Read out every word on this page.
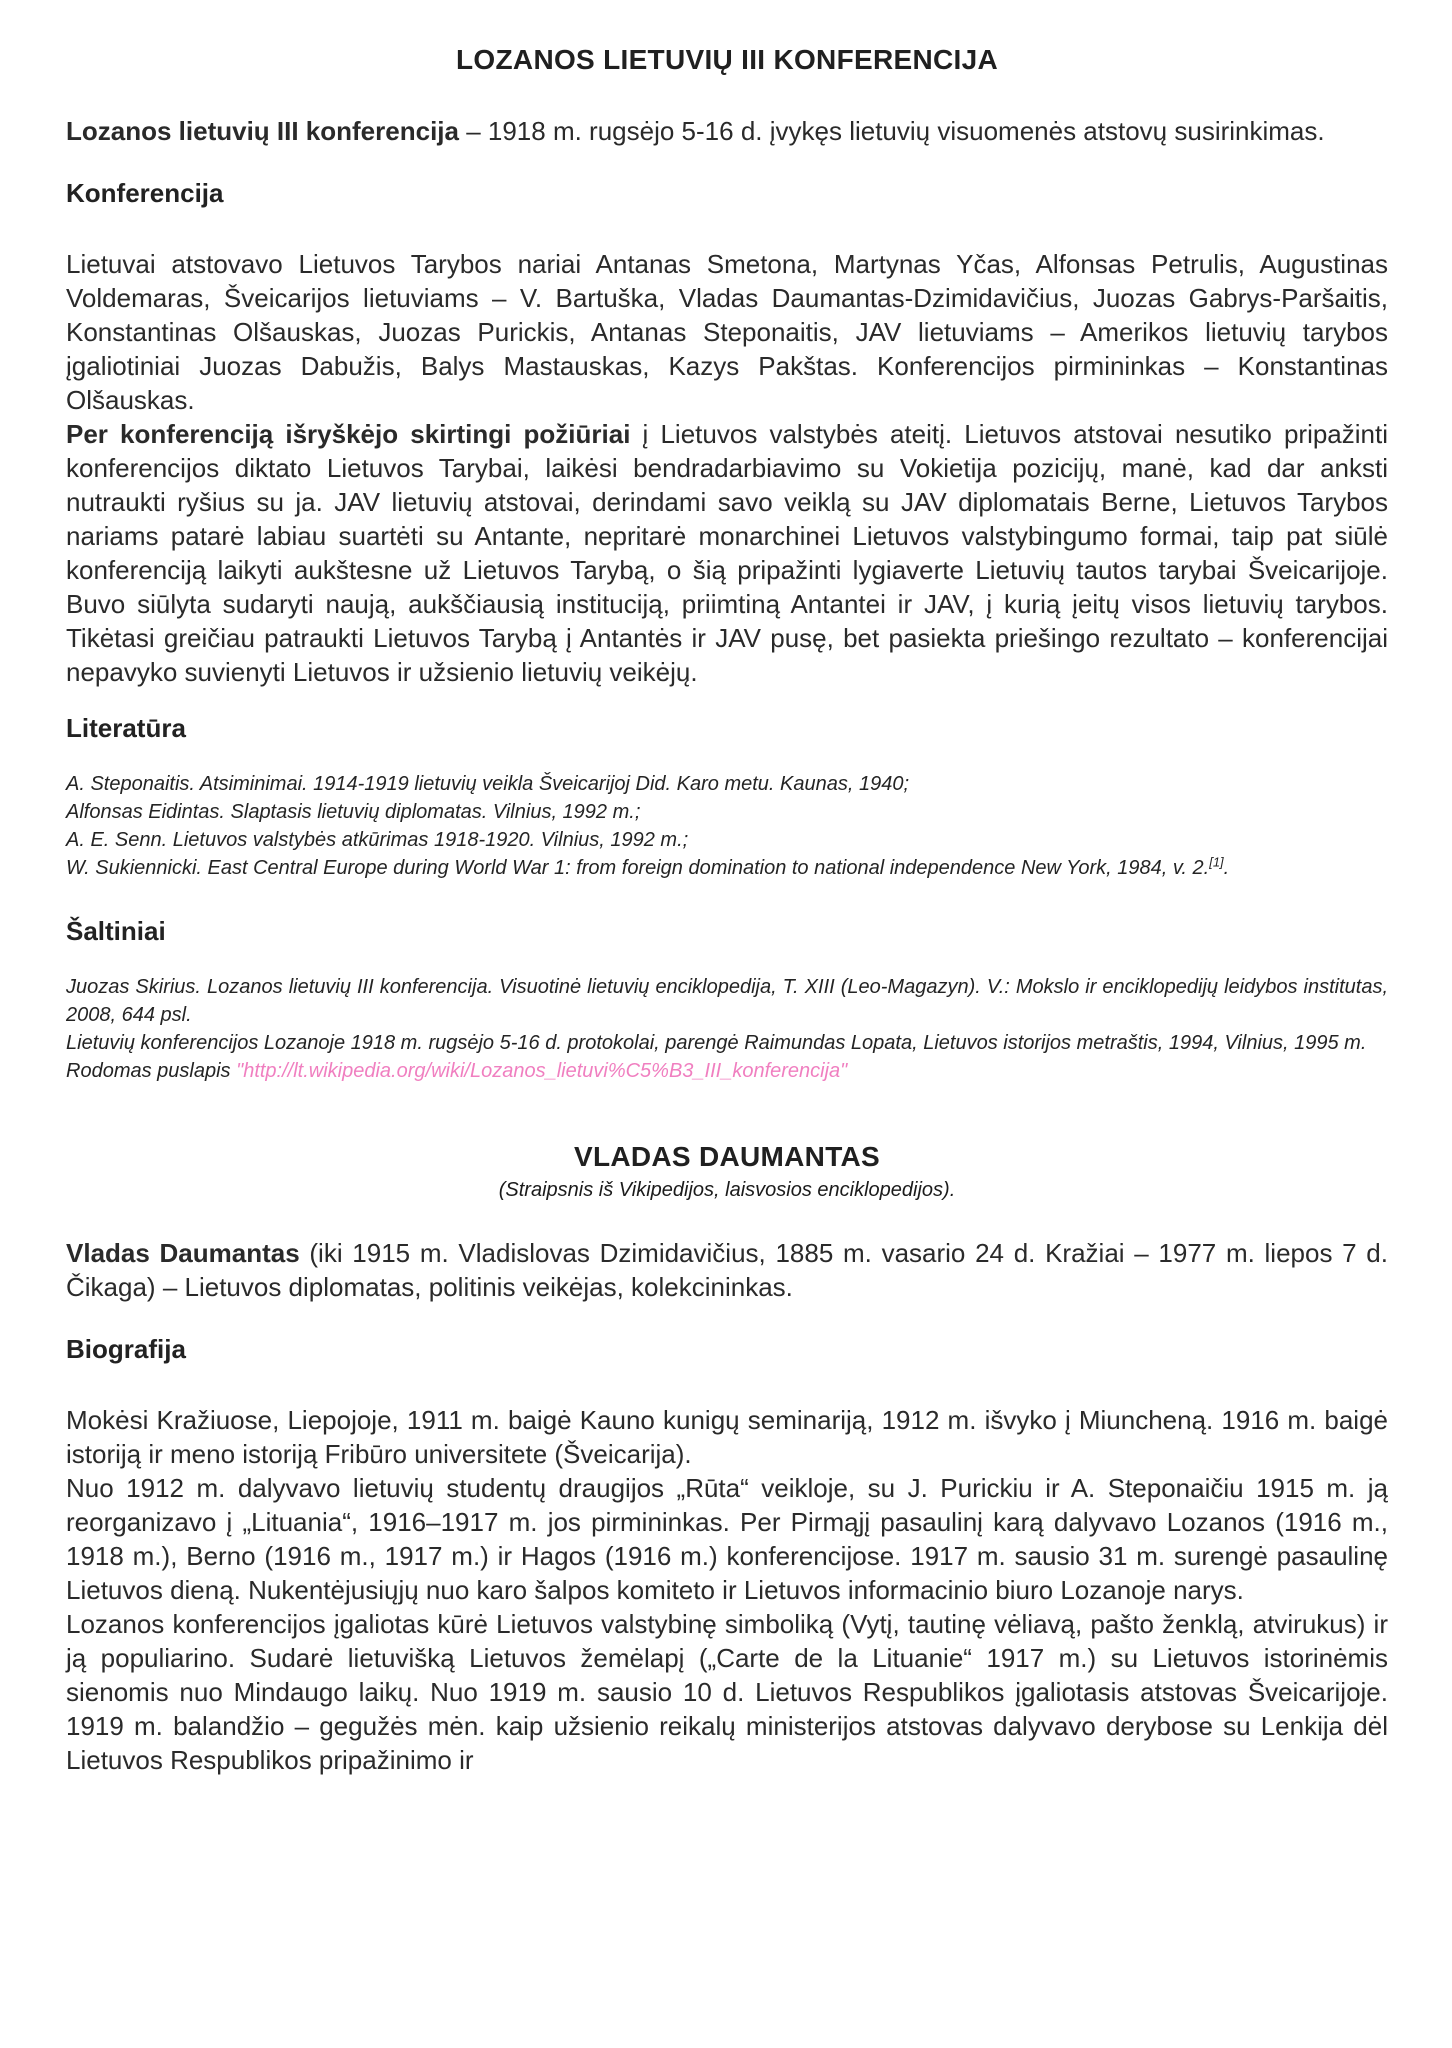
LOZANOS LIETUVIŲ III KONFERENCIJA

Lozanos lietuvių III konferencija – 1918 m. rugsėjo 5-16 d. įvykęs lietuvių visuomenės atstovų susirinkimas.

Konferencija

Lietuvai atstovavo Lietuvos Tarybos nariai Antanas Smetona, Martynas Yčas, Alfonsas Petrulis, Augustinas Voldemaras, Šveicarijos lietuviams – V. Bartuška, Vladas Daumantas-Dzimidavičius, Juozas Gabrys-Paršaitis, Konstantinas Olšauskas, Juozas Purickis, Antanas Steponaitis, JAV lietuviams – Amerikos lietuvių tarybos įgaliotiniai Juozas Dabužis, Balys Mastauskas, Kazys Pakštas. Konferencijos pirmininkas – Konstantinas Olšauskas.

Per konferenciją išryškėjo skirtingi požiūriai į Lietuvos valstybės ateitį. Lietuvos atstovai nesutiko pripažinti konferencijos diktato Lietuvos Tarybai, laikėsi bendradarbiavimo su Vokietija pozicijų, manė, kad dar anksti nutraukti ryšius su ja. JAV lietuvių atstovai, derindami savo veiklą su JAV diplomatais Berne, Lietuvos Tarybos nariams patarė labiau suartėti su Antante, nepritarė monarchinei Lietuvos valstybingumo formai, taip pat siūlė konferenciją laikyti aukštesne už Lietuvos Tarybą, o šią pripažinti lygiaverte Lietuvių tautos tarybai Šveicarijoje. Buvo siūlyta sudaryti naują, aukščiausią instituciją, priimtiną Antantei ir JAV, į kurią įeitų visos lietuvių tarybos. Tikėtasi greičiau patraukti Lietuvos Tarybą į Antantės ir JAV pusę, bet pasiekta priešingo rezultato – konferencijai nepavyko suvienyti Lietuvos ir užsienio lietuvių veikėjų.

Literatūra

A. Steponaitis. Atsiminimai. 1914-1919 lietuvių veikla Šveicarijoj Did. Karo metu. Kaunas, 1940;

Alfonsas Eidintas. Slaptasis lietuvių diplomatas. Vilnius, 1992 m.;

A. E. Senn. Lietuvos valstybės atkūrimas 1918-1920. Vilnius, 1992 m.;

W. Sukiennicki. East Central Europe during World War 1: from foreign domination to national independence New York, 1984, v. 2.[1].

Šaltiniai

Juozas Skirius. Lozanos lietuvių III konferencija. Visuotinė lietuvių enciklopedija, T. XIII (Leo-Magazyn). V.: Mokslo ir enciklopedijų leidybos institutas, 2008, 644 psl.

Lietuvių konferencijos Lozanoje 1918 m. rugsėjo 5-16 d. protokolai, parengė Raimundas Lopata, Lietuvos istorijos metraštis, 1994, Vilnius, 1995 m.

Rodomas puslapis "http://lt.wikipedia.org/wiki/Lozanos_lietuvi%C5%B3_III_konferencija"

VLADAS DAUMANTAS

(Straipsnis iš Vikipedijos, laisvosios enciklopedijos).

Vladas Daumantas (iki 1915 m. Vladislovas Dzimidavičius, 1885 m. vasario 24 d. Kražiai – 1977 m. liepos 7 d. Čikaga) – Lietuvos diplomatas, politinis veikėjas, kolekcininkas.

Biografija

Mokėsi Kražiuose, Liepojoje, 1911 m. baigė Kauno kunigų seminariją, 1912 m. išvyko į Miuncheną. 1916 m. baigė istoriją ir meno istoriją Fribūro universitete (Šveicarija).

Nuo 1912 m. dalyvavo lietuvių studentų draugijos „Rūta“ veikloje, su J. Purickiu ir A. Steponaičiu 1915 m. ją reorganizavo į „Lituania“, 1916–1917 m. jos pirmininkas. Per Pirmąjį pasaulinį karą dalyvavo Lozanos (1916 m., 1918 m.), Berno (1916 m., 1917 m.) ir Hagos (1916 m.) konferencijose. 1917 m. sausio 31 m. surengė pasaulinę Lietuvos dieną. Nukentėjusiųjų nuo karo šalpos komiteto ir Lietuvos informacinio biuro Lozanoje narys.

Lozanos konferencijos įgaliotas kūrė Lietuvos valstybinę simboliką (Vytį, tautinę vėliavą, pašto ženklą, atvirukus) ir ją populiarino. Sudarė lietuvišką Lietuvos žemėlapį („Carte de la Lituanie“ 1917 m.) su Lietuvos istorinėmis sienomis nuo Mindaugo laikų. Nuo 1919 m. sausio 10 d. Lietuvos Respublikos įgaliotasis atstovas Šveicarijoje. 1919 m. balandžio – gegužės mėn. kaip užsienio reikalų ministerijos atstovas dalyvavo derybose su Lenkija dėl Lietuvos Respublikos pripažinimo ir
